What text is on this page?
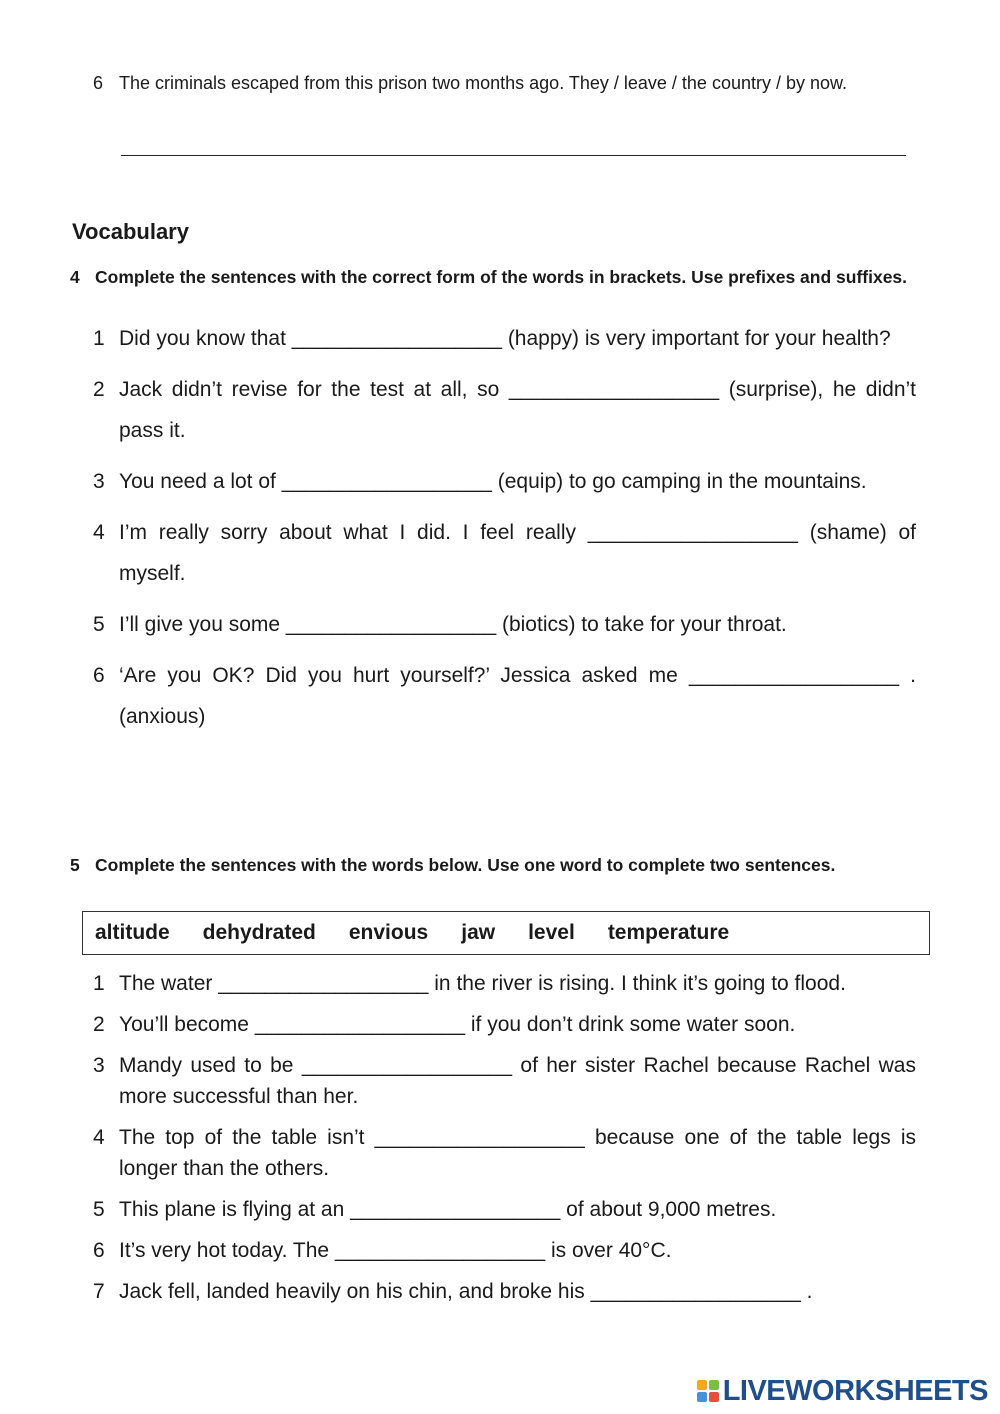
6 The criminals escaped from this prison two months ago. They / leave / the country / by now.
Vocabulary
4 Complete the sentences with the correct form of the words in brackets. Use prefixes and suffixes.
1 Did you know that __________________ (happy) is very important for your health?
2 Jack didn’t revise for the test at all, so __________________ (surprise), he didn’t pass it.
3 You need a lot of __________________ (equip) to go camping in the mountains.
4 I’m really sorry about what I did. I feel really __________________ (shame) of myself.
5 I’ll give you some __________________ (biotics) to take for your throat.
6 ‘Are you OK? Did you hurt yourself?’ Jessica asked me __________________ . (anxious)
5 Complete the sentences with the words below. Use one word to complete two sentences.
altitude dehydrated envious jaw level temperature
1 The water __________________ in the river is rising. I think it’s going to flood.
2 You’ll become __________________ if you don’t drink some water soon.
3 Mandy used to be __________________ of her sister Rachel because Rachel was more successful than her.
4 The top of the table isn’t __________________ because one of the table legs is longer than the others.
5 This plane is flying at an __________________ of about 9,000 metres.
6 It’s very hot today. The __________________ is over 40°C.
7 Jack fell, landed heavily on his chin, and broke his __________________ .
LIVEWORKSHEETS
